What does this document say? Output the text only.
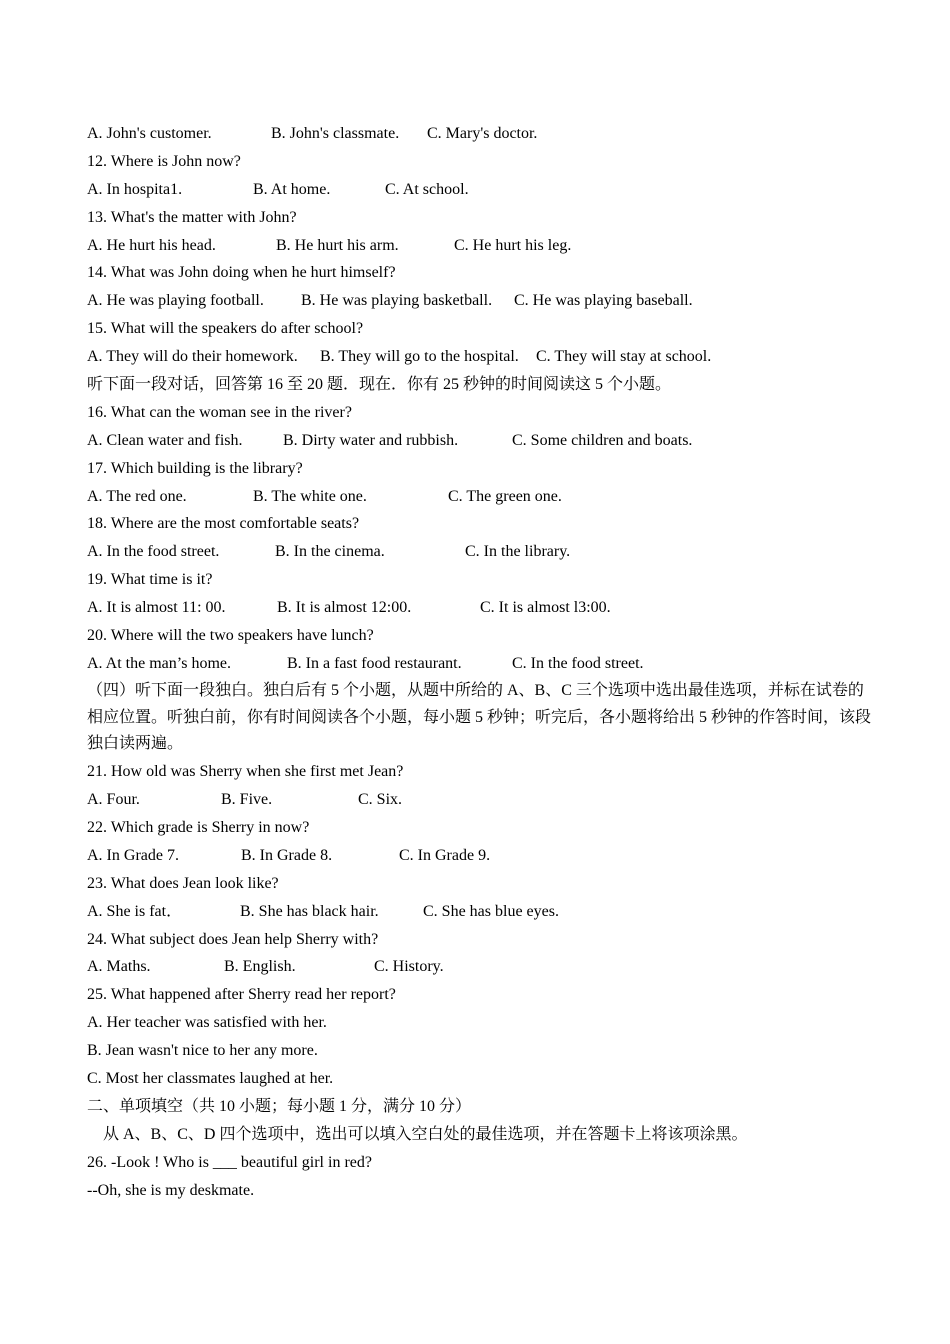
A. John's customer.	B. John's classmate. C. Mary's doctor.
12. Where is John now?
A. In hospita1.	B. At home.	C. At school.
13. What's the matter with John?
A. He hurt his head.	B. He hurt his arm.	C. He hurt his leg.
14. What was John doing when he hurt himself?
A. He was playing football. B. He was playing basketball. C. He was playing baseball.
15. What will the speakers do after school?
A. They will do their homework. B. They will go to the hospital. C. They will stay at school.
听下面一段对话，回答第 16 至 20 题．现在．你有 25 秒钟的时间阅读这 5 个小题。
16. What can the woman see in the river?
A. Clean water and fish.	B. Dirty water and rubbish.	C. Some children and boats.
17. Which building is the library?
A. The red one.	B. The white one.	C. The green one.
18. Where are the most comfortable seats?
A. In the food street.	B. In the cinema.	C. In the library.
19. What time is it?
A. It is almost 11: 00.	B. It is almost 12:00.	C. It is almost l3:00.
20. Where will the two speakers have lunch?
A. At the man’s home.	B. In a fast food restaurant.	C. In the food street.
（四）听下面一段独白。独白后有 5 个小题，从题中所给的 A、B、C 三个选项中选出最佳选项，并标在试卷的相应位置。听独白前，你有时间阅读各个小题，每小题 5 秒钟；听完后，各小题将给出 5 秒钟的作答时间，该段独白读两遍。
21. How old was Sherry when she first met Jean?
A. Four.	B. Five.	C. Six.
22. Which grade is Sherry in now?
A. In Grade 7.	B. In Grade 8.	C. In Grade 9.
23. What does Jean look like?
A. She is fat．	B. She has black hair.	C. She has blue eyes.
24. What subject does Jean help Sherry with?
A. Maths.	B. English.	C. History.
25. What happened after Sherry read her report?
A. Her teacher was satisfied with her.
B. Jean wasn't nice to her any more.
C. Most her classmates laughed at her.
二、单项填空（共 10 小题；每小题 1 分，满分 10 分）
从 A、B、C、D 四个选项中，选出可以填入空白处的最佳选项，并在答题卡上将该项涂黑。
26. -Look ! Who is ___ beautiful girl in red?
--Oh, she is my deskmate.
